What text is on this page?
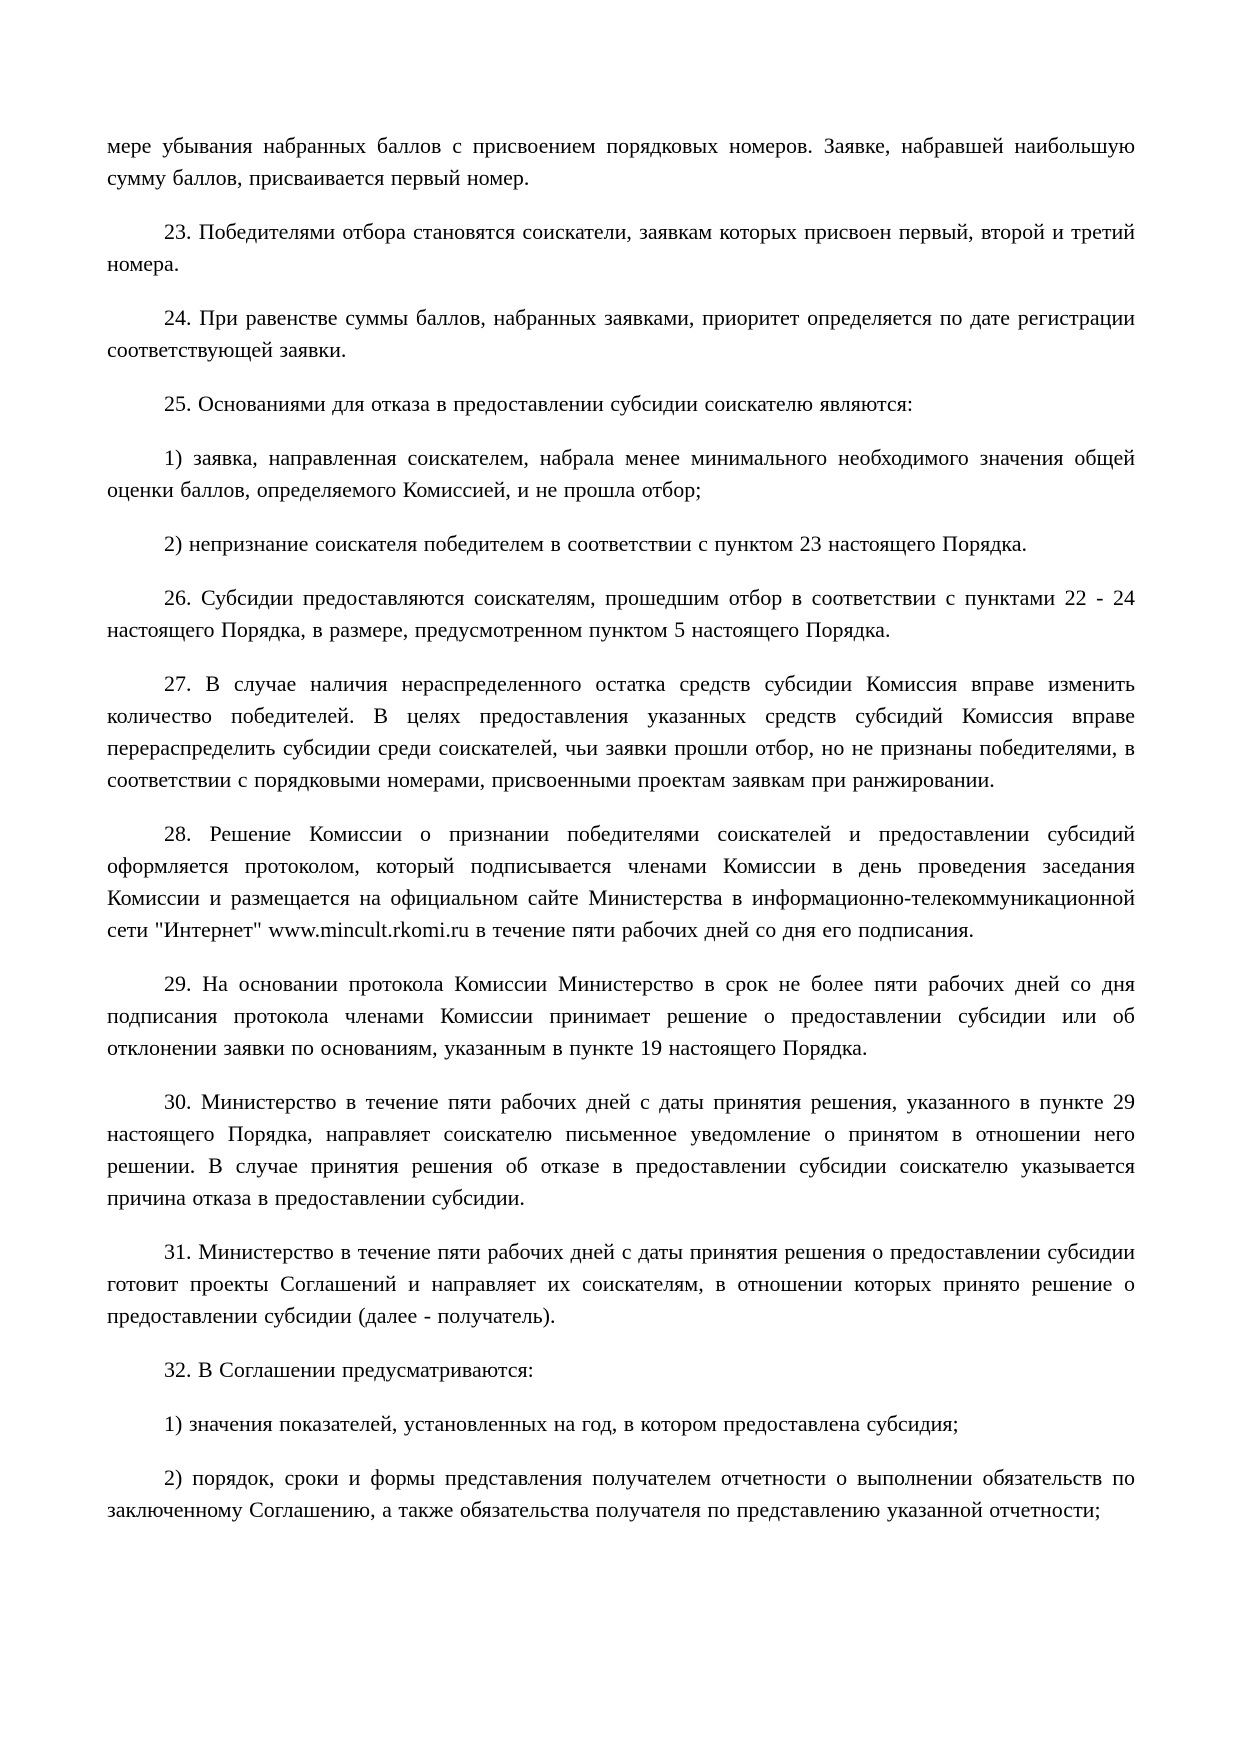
мере убывания набранных баллов с присвоением порядковых номеров. Заявке, набравшей наибольшую сумму баллов, присваивается первый номер.

23. Победителями отбора становятся соискатели, заявкам которых присвоен первый, второй и третий номера.

24. При равенстве суммы баллов, набранных заявками, приоритет определяется по дате регистрации соответствующей заявки.

25. Основаниями для отказа в предоставлении субсидии соискателю являются:

1) заявка, направленная соискателем, набрала менее минимального необходимого значения общей оценки баллов, определяемого Комиссией, и не прошла отбор;

2) непризнание соискателя победителем в соответствии с пунктом 23 настоящего Порядка.

26. Субсидии предоставляются соискателям, прошедшим отбор в соответствии с пунктами 22 - 24 настоящего Порядка, в размере, предусмотренном пунктом 5 настоящего Порядка.

27. В случае наличия нераспределенного остатка средств субсидии Комиссия вправе изменить количество победителей. В целях предоставления указанных средств субсидий Комиссия вправе перераспределить субсидии среди соискателей, чьи заявки прошли отбор, но не признаны победителями, в соответствии с порядковыми номерами, присвоенными проектам заявкам при ранжировании.

28. Решение Комиссии о признании победителями соискателей и предоставлении субсидий оформляется протоколом, который подписывается членами Комиссии в день проведения заседания Комиссии и размещается на официальном сайте Министерства в информационно-телекоммуникационной сети "Интернет" www.mincult.rkomi.ru в течение пяти рабочих дней со дня его подписания.

29. На основании протокола Комиссии Министерство в срок не более пяти рабочих дней со дня подписания протокола членами Комиссии принимает решение о предоставлении субсидии или об отклонении заявки по основаниям, указанным в пункте 19 настоящего Порядка.

30. Министерство в течение пяти рабочих дней с даты принятия решения, указанного в пункте 29 настоящего Порядка, направляет соискателю письменное уведомление о принятом в отношении него решении. В случае принятия решения об отказе в предоставлении субсидии соискателю указывается причина отказа в предоставлении субсидии.

31. Министерство в течение пяти рабочих дней с даты принятия решения о предоставлении субсидии готовит проекты Соглашений и направляет их соискателям, в отношении которых принято решение о предоставлении субсидии (далее - получатель).

32. В Соглашении предусматриваются:

1) значения показателей, установленных на год, в котором предоставлена субсидия;

2) порядок, сроки и формы представления получателем отчетности о выполнении обязательств по заключенному Соглашению, а также обязательства получателя по представлению указанной отчетности;
